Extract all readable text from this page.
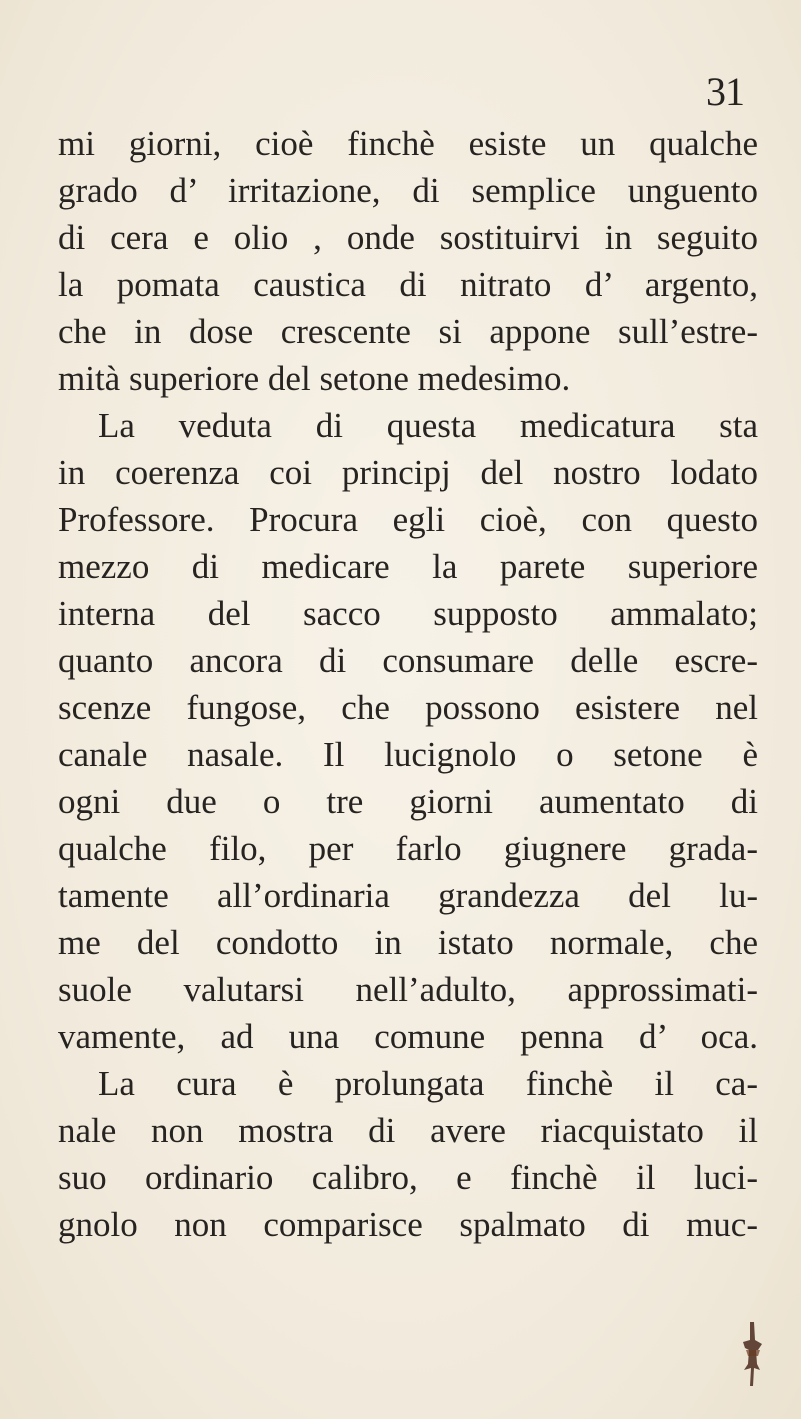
31
mi giorni, cioè finchè esiste un qualche
grado d’ irritazione, di semplice unguento
di cera e olio , onde sostituirvi in seguito
la pomata caustica di nitrato d’ argento,
che in dose crescente si appone sull’estre-
mità superiore del setone medesimo.
La veduta di questa medicatura sta
in coerenza coi principj del nostro lodato
Professore. Procura egli cioè, con questo
mezzo di medicare la parete superiore
interna del sacco supposto ammalato;
quanto ancora di consumare delle escre-
scenze fungose, che possono esistere nel
canale nasale. Il lucignolo o setone è
ogni due o tre giorni aumentato di
qualche filo, per farlo giugnere grada-
tamente all’ordinaria grandezza del lu-
me del condotto in istato normale, che
suole valutarsi nell’adulto, approssimati-
vamente, ad una comune penna d’ oca.
La cura è prolungata finchè il ca-
nale non mostra di avere riacquistato il
suo ordinario calibro, e finchè il luci-
gnolo non comparisce spalmato di muc-
